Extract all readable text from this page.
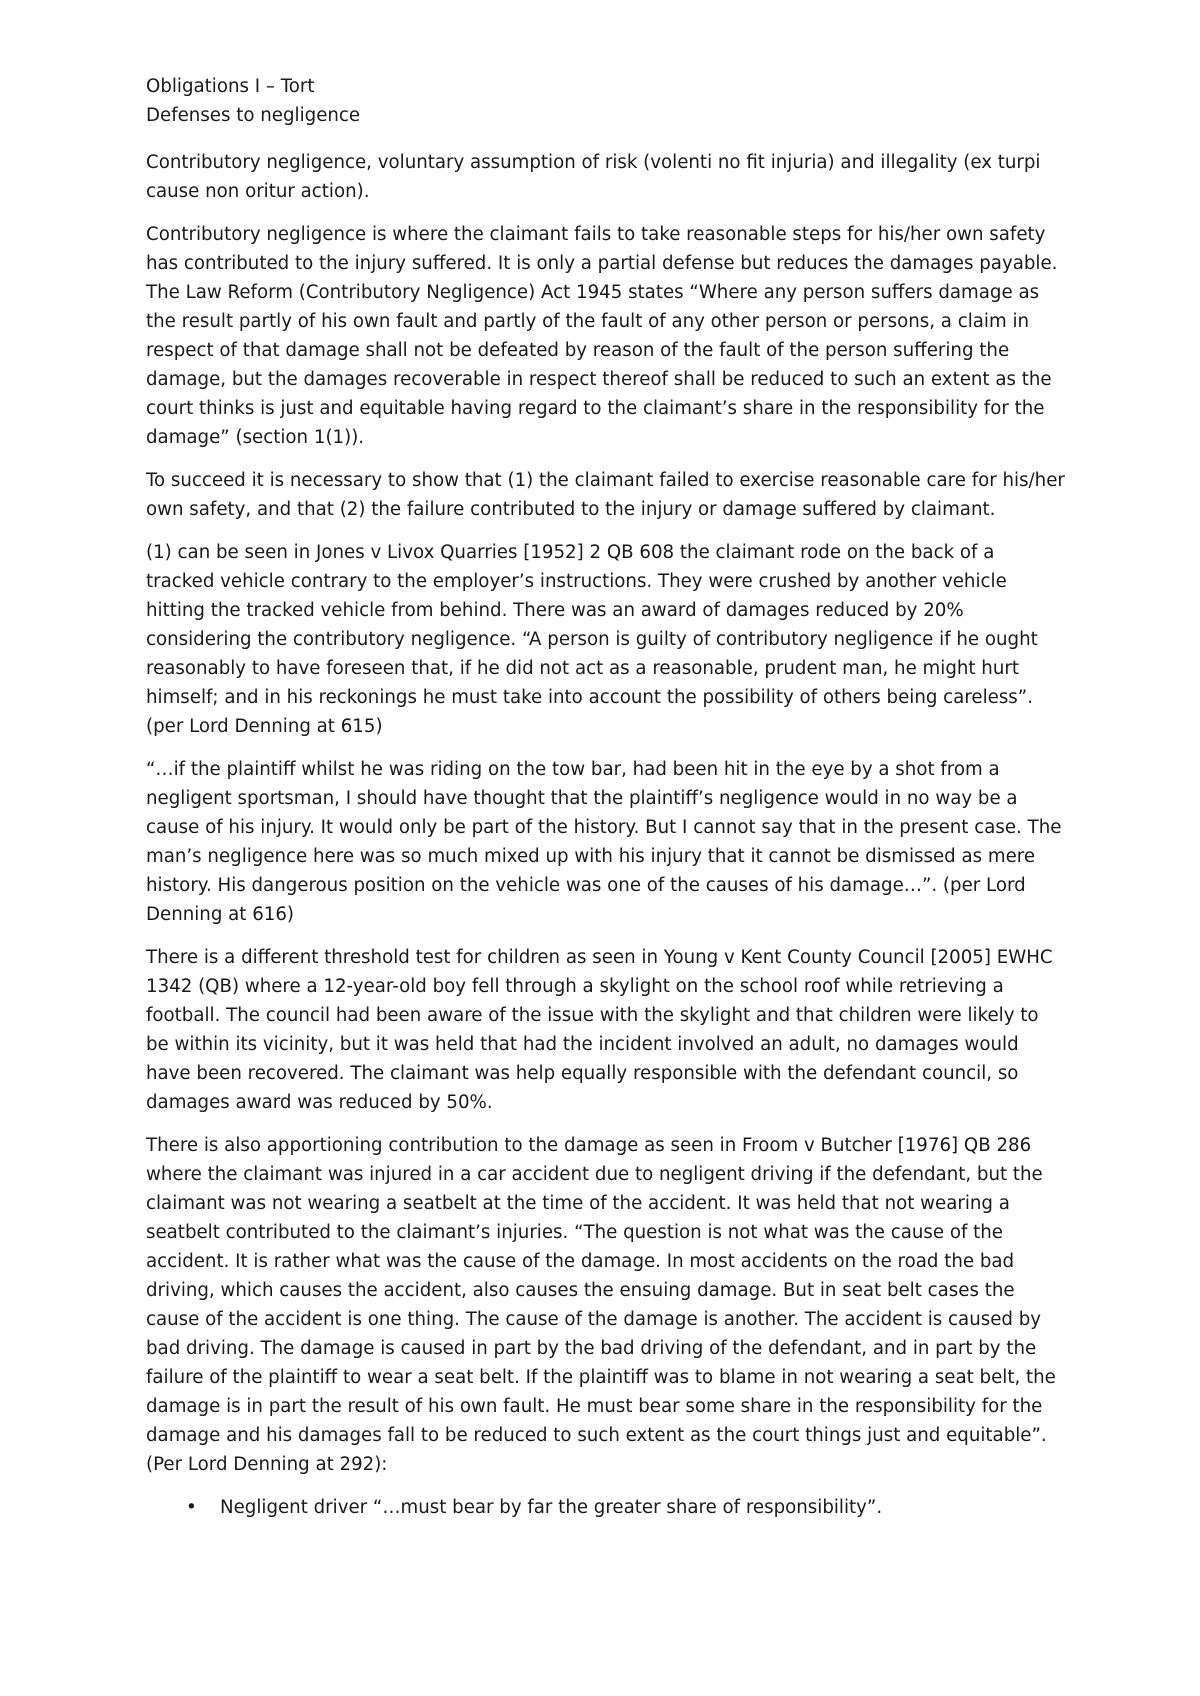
Obligations I – Tort

Defenses to negligence

Contributory negligence, voluntary assumption of risk (volenti no fit injuria) and illegality (ex turpi cause non oritur action).

Contributory negligence is where the claimant fails to take reasonable steps for his/her own safety has contributed to the injury suffered. It is only a partial defense but reduces the damages payable. The Law Reform (Contributory Negligence) Act 1945 states “Where any person suffers damage as the result partly of his own fault and partly of the fault of any other person or persons, a claim in respect of that damage shall not be defeated by reason of the fault of the person suffering the damage, but the damages recoverable in respect thereof shall be reduced to such an extent as the court thinks is just and equitable having regard to the claimant’s share in the responsibility for the damage” (section 1(1)).

To succeed it is necessary to show that (1) the claimant failed to exercise reasonable care for his/her own safety, and that (2) the failure contributed to the injury or damage suffered by claimant.

(1) can be seen in Jones v Livox Quarries [1952] 2 QB 608 the claimant rode on the back of a tracked vehicle contrary to the employer’s instructions. They were crushed by another vehicle hitting the tracked vehicle from behind. There was an award of damages reduced by 20% considering the contributory negligence. “A person is guilty of contributory negligence if he ought reasonably to have foreseen that, if he did not act as a reasonable, prudent man, he might hurt himself; and in his reckonings he must take into account the possibility of others being careless”. (per Lord Denning at 615)

“…if the plaintiff whilst he was riding on the tow bar, had been hit in the eye by a shot from a negligent sportsman, I should have thought that the plaintiff’s negligence would in no way be a cause of his injury. It would only be part of the history. But I cannot say that in the present case. The man’s negligence here was so much mixed up with his injury that it cannot be dismissed as mere history. His dangerous position on the vehicle was one of the causes of his damage…”. (per Lord Denning at 616)

There is a different threshold test for children as seen in Young v Kent County Council [2005] EWHC 1342 (QB) where a 12-year-old boy fell through a skylight on the school roof while retrieving a football. The council had been aware of the issue with the skylight and that children were likely to be within its vicinity, but it was held that had the incident involved an adult, no damages would have been recovered. The claimant was help equally responsible with the defendant council, so damages award was reduced by 50%.

There is also apportioning contribution to the damage as seen in Froom v Butcher [1976] QB 286 where the claimant was injured in a car accident due to negligent driving if the defendant, but the claimant was not wearing a seatbelt at the time of the accident. It was held that not wearing a seatbelt contributed to the claimant’s injuries. “The question is not what was the cause of the accident. It is rather what was the cause of the damage. In most accidents on the road the bad driving, which causes the accident, also causes the ensuing damage. But in seat belt cases the cause of the accident is one thing. The cause of the damage is another. The accident is caused by bad driving. The damage is caused in part by the bad driving of the defendant, and in part by the failure of the plaintiff to wear a seat belt. If the plaintiff was to blame in not wearing a seat belt, the damage is in part the result of his own fault. He must bear some share in the responsibility for the damage and his damages fall to be reduced to such extent as the court things just and equitable”. (Per Lord Denning at 292):

• Negligent driver “…must bear by far the greater share of responsibility”.
